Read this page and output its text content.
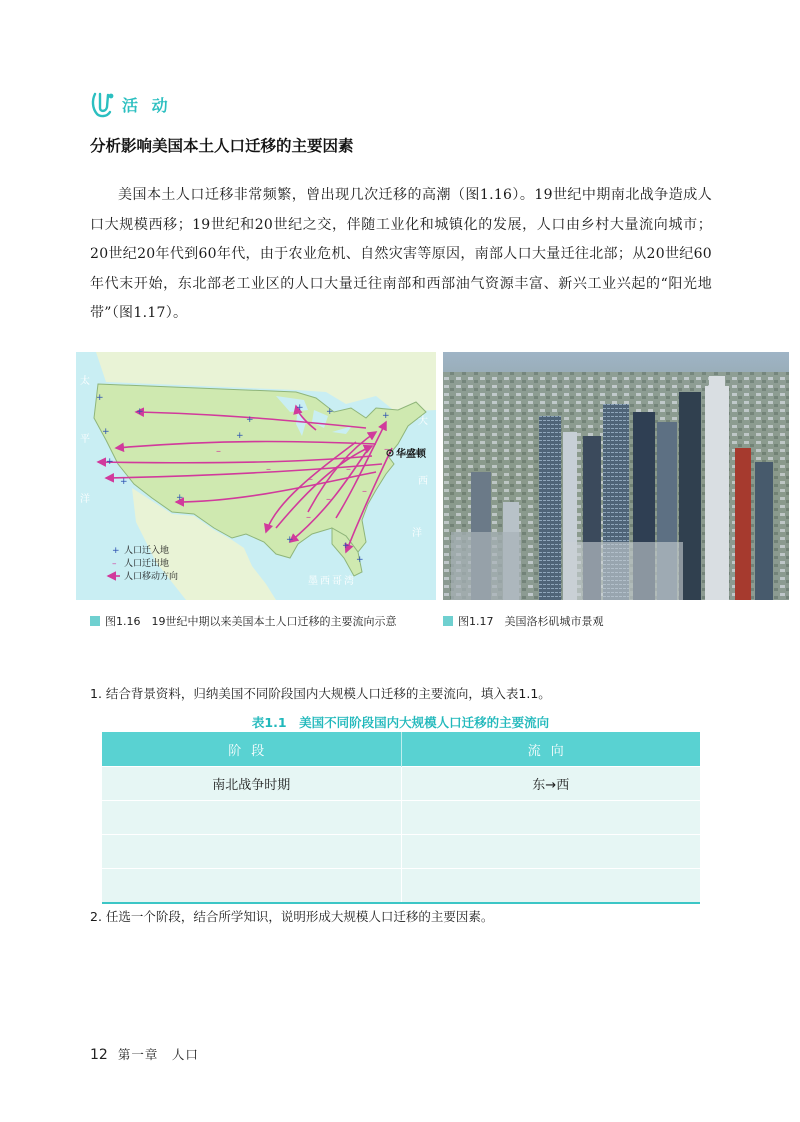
活 动
分析影响美国本土人口迁移的主要因素

美国本土人口迁移非常频繁，曾出现几次迁移的高潮（图1.16）。19世纪中期南北战争造成人口大规模西移；19世纪和20世纪之交，伴随工业化和城镇化的发展，人口由乡村大量流向城市；20世纪20年代到60年代，由于农业危机、自然灾害等原因，南部人口大量迁往北部；从20世纪60年代末开始，东北部老工业区的人口大量迁往南部和西部油气资源丰富、新兴工业兴起的“阳光地带”（图1.17）。

+
+
+
+
+
+
+
+ +	+
+
+
+
+
–
–
–
–
–
–
–
–
华盛顿
太
平
洋
大
西
洋
墨西哥湾
+ 人口迁入地
– 人口迁出地
人口移动方向
图1.16　19世纪中期以来美国本土人口迁移的主要流向示意	图1.17　美国洛杉矶城市景观
1. 结合背景资料，归纳美国不同阶段国内大规模人口迁移的主要流向，填入表1.1。
表1.1　美国不同阶段国内大规模人口迁移的主要流向
阶段	流向
南北战争时期	东→西

2. 任选一个阶段，结合所学知识，说明形成大规模人口迁移的主要因素。
12 第一章　人口
